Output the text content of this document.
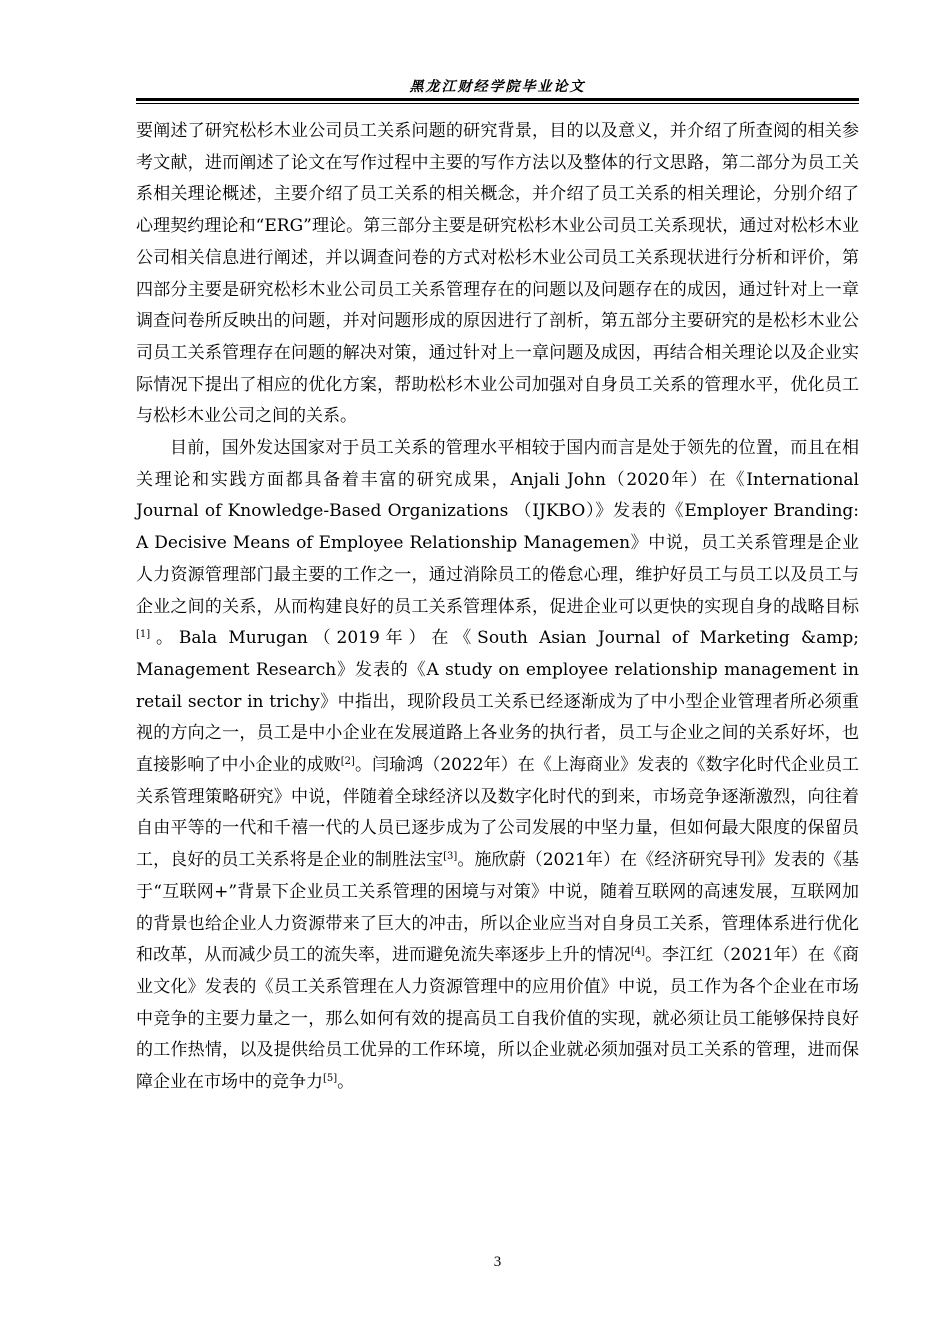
黑龙江财经学院毕业论文

要阐述了研究松杉木业公司员工关系问题的研究背景，目的以及意义，并介绍了所查阅的相关参考文献，进而阐述了论文在写作过程中主要的写作方法以及整体的行文思路，第二部分为员工关系相关理论概述，主要介绍了员工关系的相关概念，并介绍了员工关系的相关理论，分别介绍了心理契约理论和“ERG”理论。第三部分主要是研究松杉木业公司员工关系现状，通过对松杉木业公司相关信息进行阐述，并以调查问卷的方式对松杉木业公司员工关系现状进行分析和评价，第四部分主要是研究松杉木业公司员工关系管理存在的问题以及问题存在的成因，通过针对上一章调查问卷所反映出的问题，并对问题形成的原因进行了剖析，第五部分主要研究的是松杉木业公司员工关系管理存在问题的解决对策，通过针对上一章问题及成因，再结合相关理论以及企业实际情况下提出了相应的优化方案，帮助松杉木业公司加强对自身员工关系的管理水平，优化员工与松杉木业公司之间的关系。

目前，国外发达国家对于员工关系的管理水平相较于国内而言是处于领先的位置，而且在相关理论和实践方面都具备着丰富的研究成果，Anjali John（2020年）在《International Journal of Knowledge-Based Organizations （IJKBO）》发表的《Employer Branding: A Decisive Means of Employee Relationship Managemen》中说，员工关系管理是企业人力资源管理部门最主要的工作之一，通过消除员工的倦怠心理，维护好员工与员工以及员工与企业之间的关系，从而构建良好的员工关系管理体系，促进企业可以更快的实现自身的战略目标[1]。Bala Murugan（2019年）在《South Asian Journal of Marketing &amp; Management Research》发表的《A study on employee relationship management in retail sector in trichy》中指出，现阶段员工关系已经逐渐成为了中小型企业管理者所必须重视的方向之一，员工是中小企业在发展道路上各业务的执行者，员工与企业之间的关系好坏，也直接影响了中小企业的成败[2]。闫瑜鸿（2022年）在《上海商业》发表的《数字化时代企业员工关系管理策略研究》中说，伴随着全球经济以及数字化时代的到来，市场竞争逐渐激烈，向往着自由平等的一代和千禧一代的人员已逐步成为了公司发展的中坚力量，但如何最大限度的保留员工，良好的员工关系将是企业的制胜法宝[3]。施欣蔚（2021年）在《经济研究导刊》发表的《基于“互联网+”背景下企业员工关系管理的困境与对策》中说，随着互联网的高速发展，互联网加的背景也给企业人力资源带来了巨大的冲击，所以企业应当对自身员工关系，管理体系进行优化和改革，从而减少员工的流失率，进而避免流失率逐步上升的情况[4]。李江红（2021年）在《商业文化》发表的《员工关系管理在人力资源管理中的应用价值》中说，员工作为各个企业在市场中竞争的主要力量之一，那么如何有效的提高员工自我价值的实现，就必须让员工能够保持良好的工作热情，以及提供给员工优异的工作环境，所以企业就必须加强对员工关系的管理，进而保障企业在市场中的竞争力[5]。

3
